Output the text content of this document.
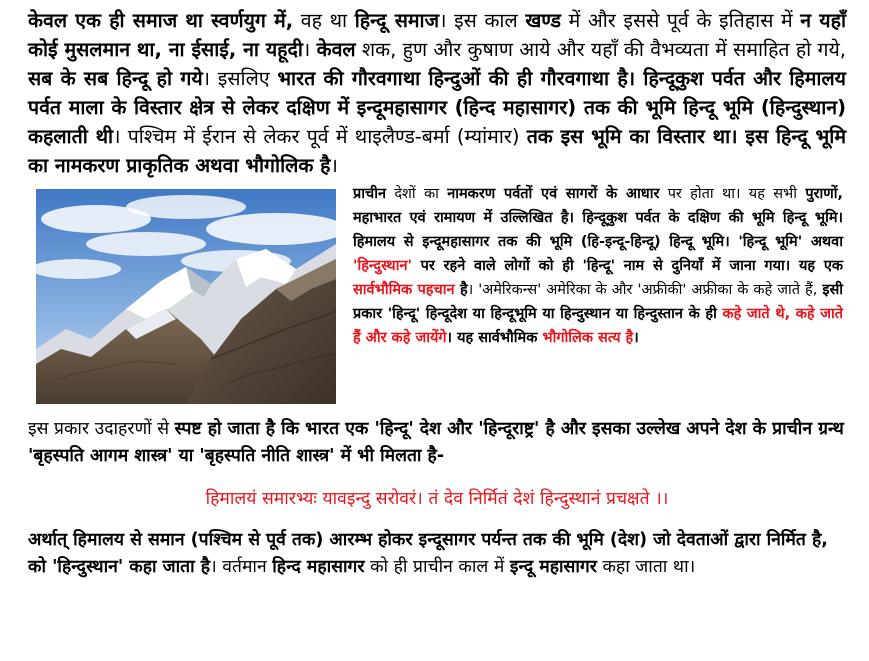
केवल एक ही समाज था स्वर्णयुग में, वह था हिन्दू समाज। इस काल खण्ड में और इससे पूर्व के इतिहास में न यहाँ कोई मुसलमान था, ना ईसाई, ना यहूदी। केवल शक, हुण और कुषाण आये और यहाँ की वैभव्यता में समाहित हो गये, सब के सब हिन्दू हो गये। इसलिए भारत की गौरवगाथा हिन्दुओं की ही गौरवगाथा है। हिन्दूकुश पर्वत और हिमालय पर्वत माला के विस्तार क्षेत्र से लेकर दक्षिण में इन्दूमहासागर (हिन्द महासागर) तक की भूमि हिन्दू भूमि (हिन्दुस्थान) कहलाती थी। पश्चिम में ईरान से लेकर पूर्व में थाइलैण्ड-बर्मा (म्यांमार) तक इस भूमि का विस्तार था। इस हिन्दू भूमि का नामकरण प्राकृतिक अथवा भौगोलिक है।

प्राचीन देशों का नामकरण पर्वतों एवं सागरों के आधार पर होता था। यह सभी पुराणों, महाभारत एवं रामायण में उल्लिखित है। हिन्दूकुश पर्वत के दक्षिण की भूमि हिन्दू भूमि। हिमालय से इन्दूमहासागर तक की भूमि (हि-इन्दू-हिन्दू) हिन्दू भूमि। 'हिन्दू भूमि' अथवा 'हिन्दुस्थान' पर रहने वाले लोगों को ही 'हिन्दू' नाम से दुनियाँ में जाना गया। यह एक सार्वभौमिक पहचान है। 'अमेरिकन्स' अमेरिका के और 'अफ्रीकी' अफ्रीका के कहे जाते हैं, इसी प्रकार 'हिन्दू' हिन्दूदेश या हिन्दूभूमि या हिन्दुस्थान या हिन्दुस्तान के ही कहे जाते थे, कहे जाते हैं और कहे जायेंगे। यह सार्वभौमिक भौगोलिक सत्य है।

इस प्रकार उदाहरणों से स्पष्ट हो जाता है कि भारत एक 'हिन्दू' देश और 'हिन्दूराष्ट्र' है और इसका उल्लेख अपने देश के प्राचीन ग्रन्थ 'बृहस्पति आगम शास्त्र' या 'बृहस्पति नीति शास्त्र' में भी मिलता है-

हिमालयं समारभ्यः यावइन्दु सरोवरं। तं देव निर्मितं देशं हिन्दुस्थानं प्रचक्षते ।।

अर्थात् हिमालय से समान (पश्चिम से पूर्व तक) आरम्भ होकर इन्दूसागर पर्यन्त तक की भूमि (देश) जो देवताओं द्वारा निर्मित है, को 'हिन्दुस्थान' कहा जाता है। वर्तमान हिन्द महासागर को ही प्राचीन काल में इन्दू महासागर कहा जाता था।
